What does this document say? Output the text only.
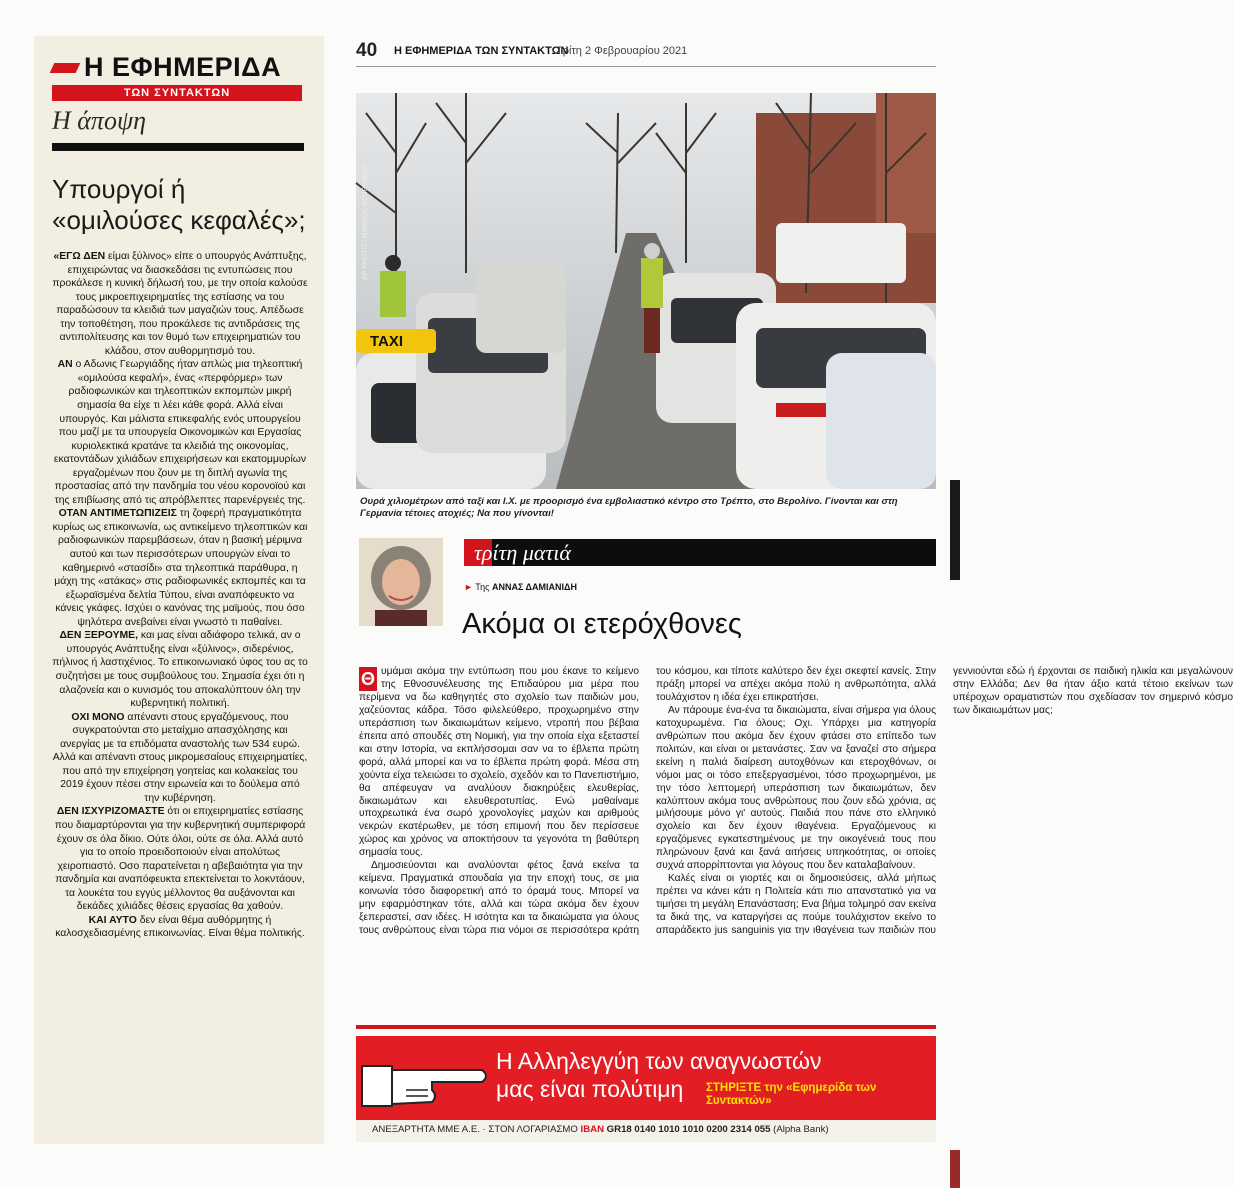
Η ΕΦΗΜΕΡΙΔΑ
ΤΩΝ ΣΥΝΤΑΚΤΩΝ
Η άποψη
Υπουργοί ή «ομιλούσες κεφαλές»;

«ΕΓΩ ΔΕΝ είμαι ξύλινος» είπε ο υπουργός Ανάπτυξης, επιχειρώντας να διασκεδάσει τις εντυπώσεις που προκάλεσε η κυνική δήλωσή του, με την οποία καλούσε τους μικροεπιχειρηματίες της εστίασης να του παραδώσουν τα κλειδιά των μαγαζιών τους. Απέδωσε την τοποθέτηση, που προκάλεσε τις αντιδράσεις της αντιπολίτευσης και τον θυμό των επιχειρηματιών του κλάδου, στον αυθορμητισμό του.

ΑΝ ο Αδωνις Γεωργιάδης ήταν απλώς μια τηλεοπτική «ομιλούσα κεφαλή», ένας «περφόρμερ» των ραδιοφωνικών και τηλεοπτικών εκπομπών μικρή σημασία θα είχε τι λέει κάθε φορά. Αλλά είναι υπουργός. Και μάλιστα επικεφαλής ενός υπουργείου που μαζί με τα υπουργεία Οικονομικών και Εργασίας κυριολεκτικά κρατάνε τα κλειδιά της οικονομίας, εκατοντάδων χιλιάδων επιχειρήσεων και εκατομμυρίων εργαζομένων που ζουν με τη διπλή αγωνία της προστασίας από την πανδημία του νέου κορονοϊού και της επιβίωσης από τις απρόβλεπτες παρενέργειές της.

ΟΤΑΝ ΑΝΤΙΜΕΤΩΠΙΖΕΙΣ τη ζοφερή πραγματικότητα κυρίως ως επικοινωνία, ως αντικείμενο τηλεοπτικών και ραδιοφωνικών παρεμβάσεων, όταν η βασική μέριμνα αυτού και των περισσότερων υπουργών είναι το καθημερινό «στασίδι» στα τηλεοπτικά παράθυρα, η μάχη της «ατάκας» στις ραδιοφωνικές εκπομπές και τα εξωραϊσμένα δελτία Τύπου, είναι αναπόφευκτο να κάνεις γκάφες. Ισχύει ο κανόνας της μαϊμούς, που όσο ψηλότερα ανεβαίνει είναι γνωστό τι παθαίνει.

ΔΕΝ ΞΕΡΟΥΜΕ, και μας είναι αδιάφορο τελικά, αν ο υπουργός Ανάπτυξης είναι «ξύλινος», σιδερένιος, πήλινος ή λαστιχένιος. Το επικοινωνιακό ύφος του ας το συζητήσει με τους συμβούλους του. Σημασία έχει ότι η αλαζονεία και ο κυνισμός του αποκαλύπτουν όλη την κυβερνητική πολιτική.

ΟΧΙ ΜΟΝΟ απέναντι στους εργαζόμενους, που συγκρατούνται στο μεταίχμιο απασχόλησης και ανεργίας με τα επιδόματα αναστολής των 534 ευρώ. Αλλά και απέναντι στους μικρομεσαίους επιχειρηματίες, που από την επιχείρηση γοητείας και κολακείας του 2019 έχουν πέσει στην ειρωνεία και το δούλεμα από την κυβέρνηση.

ΔΕΝ ΙΣΧΥΡΙΖΟΜΑΣΤΕ ότι οι επιχειρηματίες εστίασης που διαμαρτύρονται για την κυβερνητική συμπεριφορά έχουν σε όλα δίκιο. Ούτε όλοι, ούτε σε όλα. Αλλά αυτό για το οποίο προειδοποιούν είναι απολύτως χειροπιαστό. Οσο παρατείνεται η αβεβαιότητα για την πανδημία και αναπόφευκτα επεκτείνεται το λοκντάουν, τα λουκέτα του εγγύς μέλλοντος θα αυξάνονται και δεκάδες χιλιάδες θέσεις εργασίας θα χαθούν.

ΚΑΙ ΑΥΤΟ δεν είναι θέμα αυθόρμητης ή καλοσχεδιασμένης επικοινωνίας. Είναι θέμα πολιτικής.

40 Η ΕΦΗΜΕΡΙΔΑ ΤΩΝ ΣΥΝΤΑΚΤΩΝ
Τρίτη 2 Φεβρουαρίου 2021
TAXI
AP PHOTO / MARKUS SCHREIBER
Ουρά χιλιομέτρων από ταξί και Ι.Χ. με προορισμό ένα εμβολιαστικό κέντρο στο Τρέπτο, στο Βερολίνο. Γίνονται και στη Γερμανία τέτοιες ατοχιές; Να που γίνονται!
τρίτη ματιά
► Της ΑΝΝΑΣ ΔΑΜΙΑΝΙΔΗ
Ακόμα οι ετερόχθονες

Θ υμάμαι ακόμα την εντύπωση που μου έκανε το κείμενο της Εθνοσυνέλευσης της Επιδαύρου μια μέρα που περίμενα να δω καθηγητές στο σχολείο των παιδιών μου, χαζεύοντας κάδρα. Τόσο φιλελεύθερο, προχωρημένο στην υπεράσπιση των δικαιωμάτων κείμενο, ντροπή που βέβαια έπειτα από σπουδές στη Νομική, για την οποία είχα εξεταστεί και στην Ιστορία, να εκπλήσσομαι σαν να το έβλεπα πρώτη φορά, αλλά μπορεί και να το έβλεπα πρώτη φορά. Μέσα στη χούντα είχα τελειώσει το σχολείο, σχεδόν και το Πανεπιστήμιο, θα απέφευγαν να αναλύουν διακηρύξεις ελευθερίας, δικαιωμάτων και ελευθεροτυπίας. Ενώ μαθαίναμε υποχρεωτικά ένα σωρό χρονολογίες μαχών και αριθμούς νεκρών εκατέρωθεν, με τόση επιμονή που δεν περίσσευε χώρος και χρόνος να αποκτήσουν τα γεγονότα τη βαθύτερη σημασία τους.

Δημοσιεύονται και αναλύονται φέτος ξανά εκείνα τα κείμενα. Πραγματικά σπουδαία για την εποχή τους, σε μια κοινωνία τόσο διαφορετική από το όραμά τους. Μπορεί να μην εφαρμόστηκαν τότε, αλλά και τώρα ακόμα δεν έχουν ξεπεραστεί, σαν ιδέες. Η ισότητα και τα δικαιώματα για όλους τους ανθρώπους είναι τώρα πια νόμοι σε περισσότερα κράτη του κόσμου, και τίποτε καλύτερο δεν έχει σκεφτεί κανείς. Στην πράξη μπορεί να απέχει ακόμα πολύ η ανθρωπότητα, αλλά τουλάχιστον η ιδέα έχει επικρατήσει.

Αν πάρουμε ένα-ένα τα δικαιώματα, είναι σήμερα για όλους κατοχυρωμένα. Για όλους; Οχι. Υπάρχει μια κατηγορία ανθρώπων που ακόμα δεν έχουν φτάσει στο επίπεδο των πολιτών, και είναι οι μετανάστες. Σαν να ξαναζεί στο σήμερα εκείνη η παλιά διαίρεση αυτοχθόνων και ετεροχθόνων, οι νόμοι μας οι τόσο επεξεργασμένοι, τόσο προχωρημένοι, με την τόσο λεπτομερή υπεράσπιση των δικαιωμάτων, δεν καλύπτουν ακόμα τους ανθρώπους που ζουν εδώ χρόνια, ας μιλήσουμε μόνο γι' αυτούς. Παιδιά που πάνε στο ελληνικό σχολείο και δεν έχουν ιθαγένεια. Εργαζόμενους κι εργαζόμενες εγκατεστημένους με την οικογένειά τους που πληρώνουν ξανά και ξανά αιτήσεις υπηκοότητας, οι οποίες συχνά απορρίπτονται για λόγους που δεν καταλαβαίνουν.

Καλές είναι οι γιορτές και οι δημοσιεύσεις, αλλά μήπως πρέπει να κάνει κάτι η Πολιτεία κάτι πιο απανστατικό για να τιμήσει τη μεγάλη Επανάσταση; Ενα βήμα τολμηρό σαν εκείνα τα δικά της, να καταργήσει ας πούμε τουλάχιστον εκείνο το απαράδεκτο jus sanguinis για την ιθαγένεια των παιδιών που γεννιούνται εδώ ή έρχονται σε παιδική ηλικία και μεγαλώνουν στην Ελλάδα; Δεν θα ήταν άξιο κατά τέτοιο εκείνων των υπέροχων οραματιστών που σχεδίασαν τον σημερινό κόσμο των δικαιωμάτων μας;

Η Αλληλεγγύη των αναγνωστών
μας είναι πολύτιμη ΣΤΗΡΙΞΤΕ την «Εφημερίδα των Συντακτών»
ΑΝΕΞΑΡΤΗΤΑ ΜΜΕ Α.Ε. · ΣΤΟΝ ΛΟΓΑΡΙΑΣΜΟ IBAN GR18 0140 1010 1010 0200 2314 055 (Alpha Bank)
